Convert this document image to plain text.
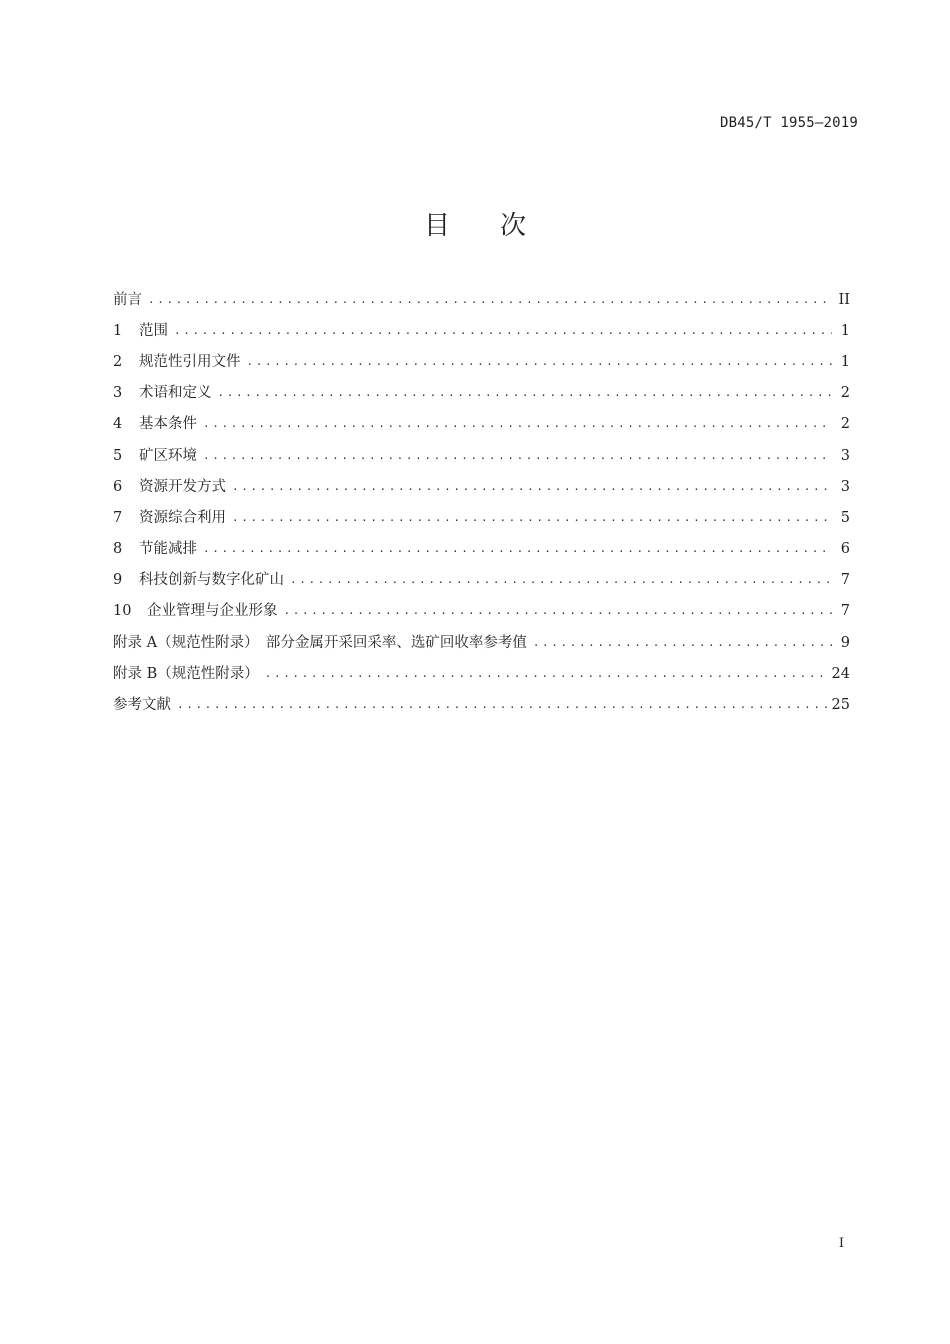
DB45/T 1955—2019
目 次
前言 .....	II
1	范围 .....	1
2	规范性引用文件 .....	1
3	术语和定义 .....	2
4	基本条件 .....	2
5	矿区环境 .....	3
6	资源开发方式 .....	3
7	资源综合利用 .....	5
8	节能减排 .....	6
9	科技创新与数字化矿山 .....	7
10	企业管理与企业形象 .....	7
附录 A（规范性附录）　部分金属开采回采率、选矿回收率参考值 .....	9
附录 B（规范性附录） .....	24
参考文献 .....	25
I
